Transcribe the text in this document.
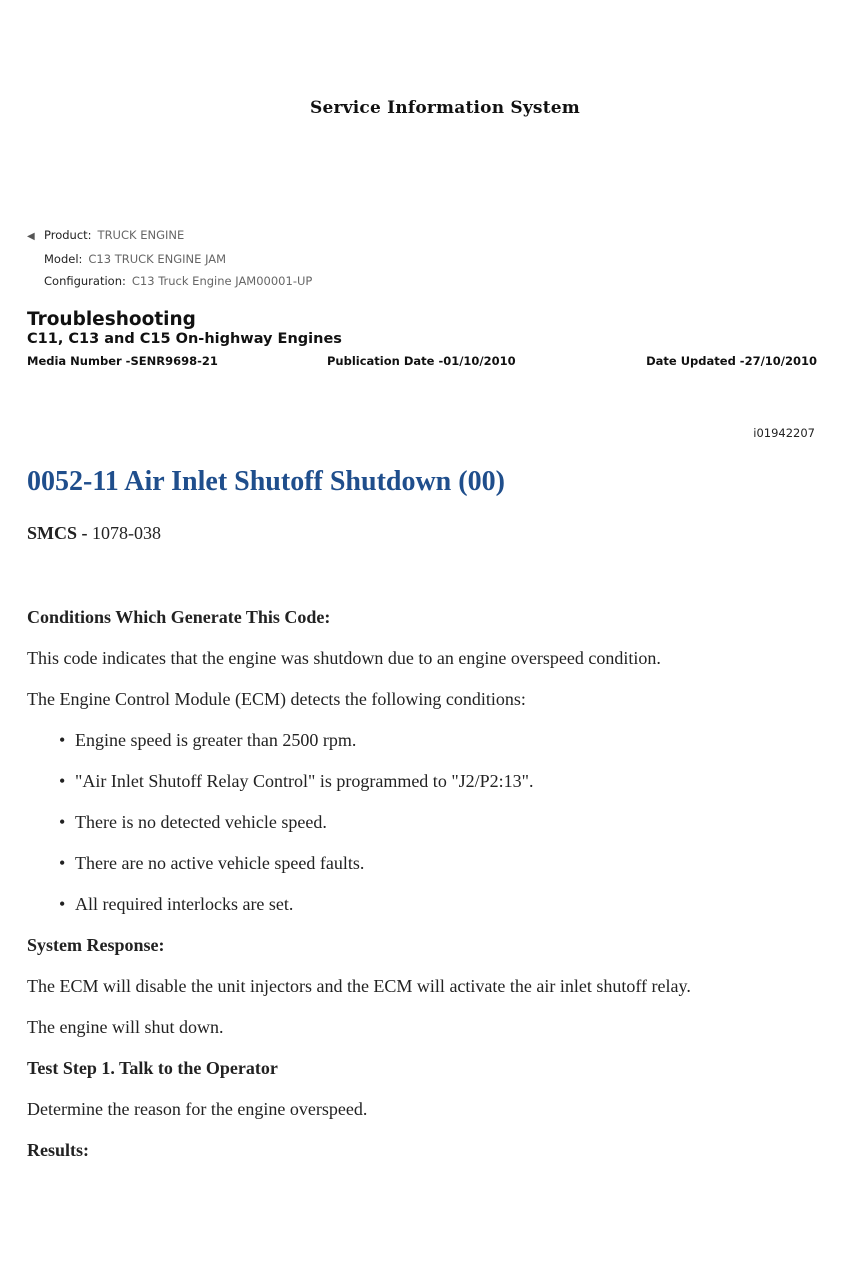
Service Information System
◀ Product: TRUCK ENGINE
Model: C13 TRUCK ENGINE JAM
Configuration: C13 Truck Engine JAM00001-UP
Troubleshooting
C11, C13 and C15 On-highway Engines
Media Number -SENR9698-21	Publication Date -01/10/2010	Date Updated -27/10/2010
i01942207
0052-11 Air Inlet Shutoff Shutdown (00)
SMCS - 1078-038
Conditions Which Generate This Code:
This code indicates that the engine was shutdown due to an engine overspeed condition.
The Engine Control Module (ECM) detects the following conditions:
• Engine speed is greater than 2500 rpm.
• "Air Inlet Shutoff Relay Control" is programmed to "J2/P2:13".
• There is no detected vehicle speed.
• There are no active vehicle speed faults.
• All required interlocks are set.
System Response:
The ECM will disable the unit injectors and the ECM will activate the air inlet shutoff relay.
The engine will shut down.
Test Step 1. Talk to the Operator
Determine the reason for the engine overspeed.
Results:
